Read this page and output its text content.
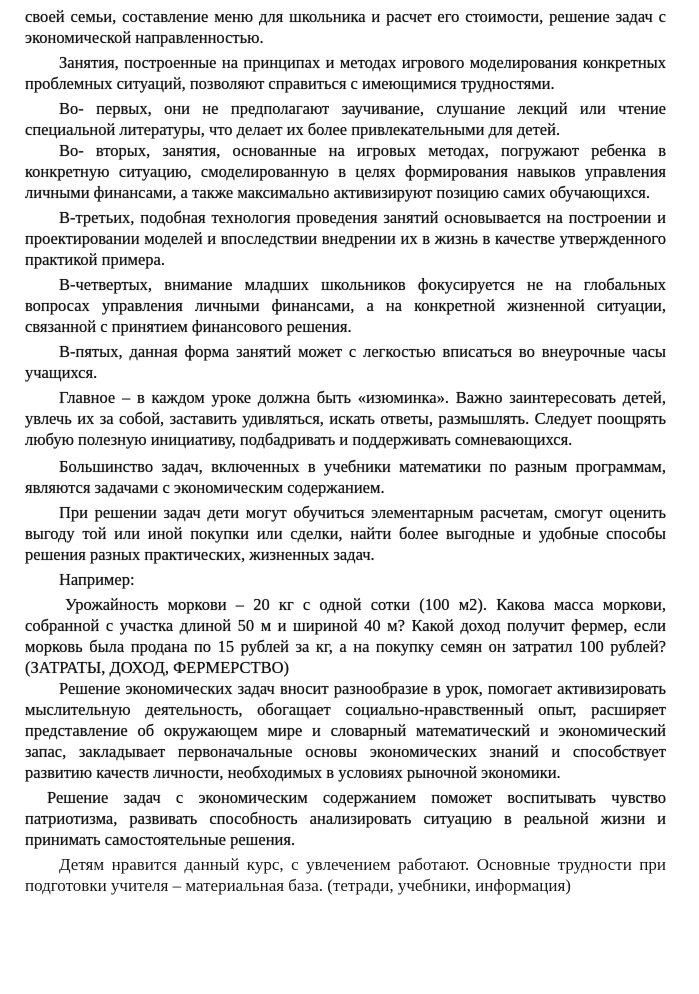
своей семьи, составление меню для школьника и расчет его стоимости, решение задач с экономической направленностью.

Занятия, построенные на принципах и методах игрового моделирования конкретных проблемных ситуаций, позволяют справиться с имеющимися трудностями.

Во- первых, они не предполагают заучивание, слушание лекций или чтение специальной литературы, что делает их более привлекательными для детей.

Во- вторых, занятия, основанные на игровых методах, погружают ребенка в конкретную ситуацию, смоделированную в целях формирования навыков управления личными финансами, а также максимально активизируют позицию самих обучающихся.

В-третьих, подобная технология проведения занятий основывается на построении и проектировании моделей и впоследствии внедрении их в жизнь в качестве утвержденного практикой примера.

В-четвертых, внимание младших школьников фокусируется не на глобальных вопросах управления личными финансами, а на конкретной жизненной ситуации, связанной с принятием финансового решения.

В-пятых, данная форма занятий может с легкостью вписаться во внеурочные часы учащихся.

Главное – в каждом уроке должна быть «изюминка». Важно заинтересовать детей, увлечь их за собой, заставить удивляться, искать ответы, размышлять. Следует поощрять любую полезную инициативу, подбадривать и поддерживать сомневающихся.

Большинство задач, включенных в учебники математики по разным программам, являются задачами с экономическим содержанием.

При решении задач дети могут обучиться элементарным расчетам, смогут оценить выгоду той или иной покупки или сделки, найти более выгодные и удобные способы решения разных практических, жизненных задач.

Например:

Урожайность моркови – 20 кг с одной сотки (100 м2). Какова масса моркови, собранной с участка длиной 50 м и шириной 40 м? Какой доход получит фермер, если морковь была продана по 15 рублей за кг, а на покупку семян он затратил 100 рублей? (ЗАТРАТЫ, ДОХОД, ФЕРМЕРСТВО)

Решение экономических задач вносит разнообразие в урок, помогает активизировать мыслительную деятельность, обогащает социально-нравственный опыт, расширяет представление об окружающем мире и словарный математический и экономический запас, закладывает первоначальные основы экономических знаний и способствует развитию качеств личности, необходимых в условиях рыночной экономики.

Решение задач с экономическим содержанием поможет воспитывать чувство патриотизма, развивать способность анализировать ситуацию в реальной жизни и принимать самостоятельные решения.

Детям нравится данный курс, с увлечением работают. Основные трудности при подготовки учителя – материальная база. (тетради, учебники, информация)
